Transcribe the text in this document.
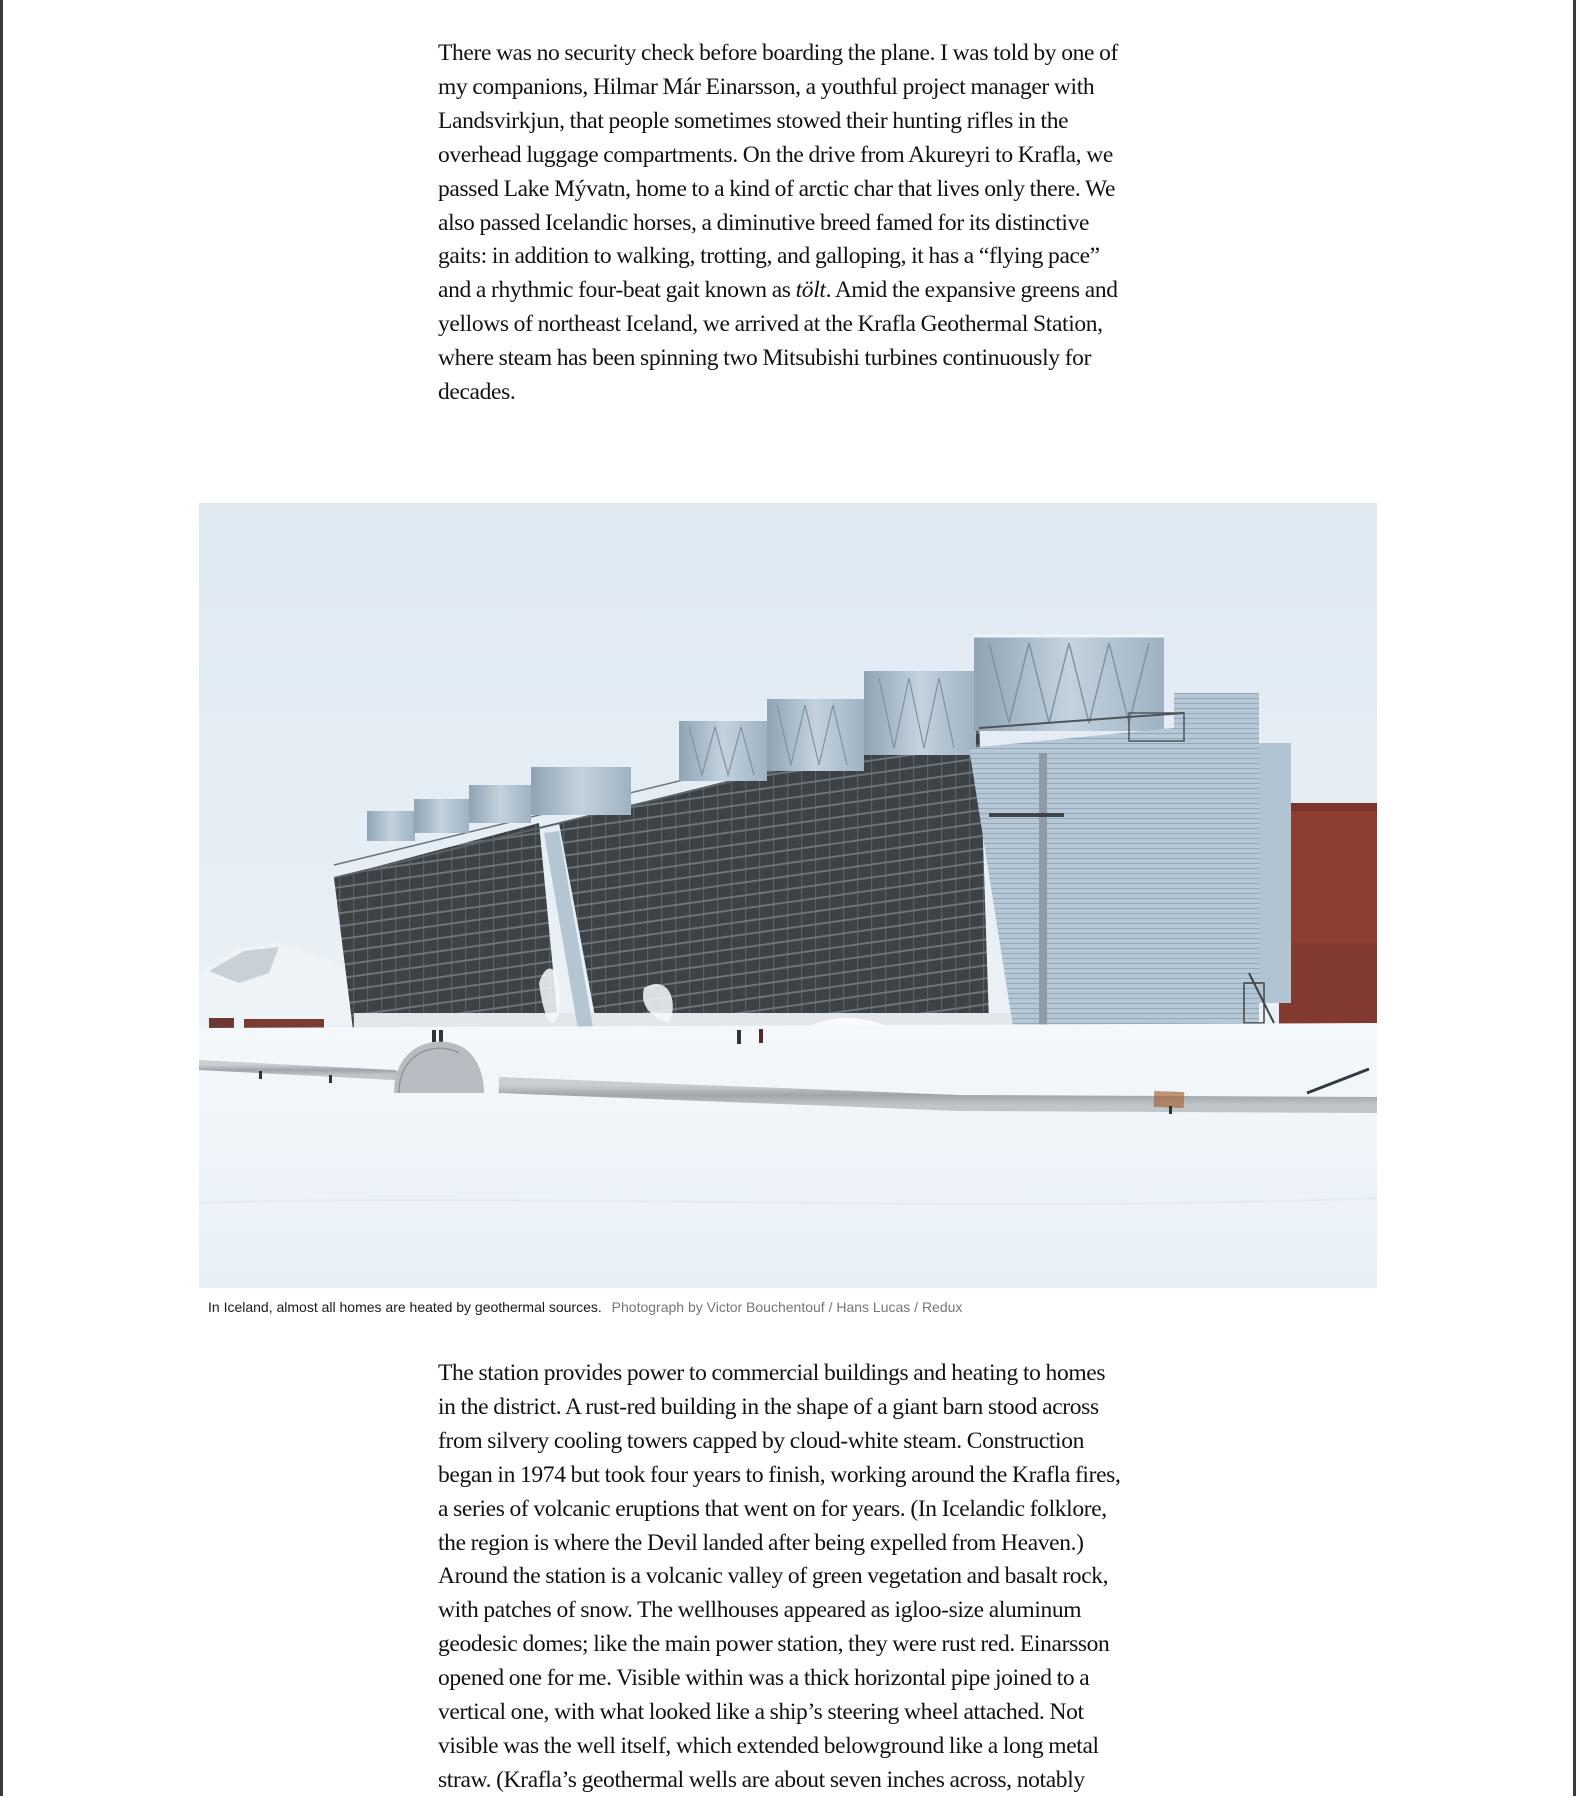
There was no security check before boarding the plane. I was told by one of
my companions, Hilmar Már Einarsson, a youthful project manager with
Landsvirkjun, that people sometimes stowed their hunting rifles in the
overhead luggage compartments. On the drive from Akureyri to Krafla, we
passed Lake Mývatn, home to a kind of arctic char that lives only there. We
also passed Icelandic horses, a diminutive breed famed for its distinctive
gaits: in addition to walking, trotting, and galloping, it has a “flying pace”
and a rhythmic four-beat gait known as tölt. Amid the expansive greens and
yellows of northeast Iceland, we arrived at the Krafla Geothermal Station,
where steam has been spinning two Mitsubishi turbines continuously for
decades.
In Iceland, almost all homes are heated by geothermal sources. Photograph by Victor Bouchentouf / Hans Lucas / Redux
The station provides power to commercial buildings and heating to homes
in the district. A rust-red building in the shape of a giant barn stood across
from silvery cooling towers capped by cloud-white steam. Construction
began in 1974 but took four years to finish, working around the Krafla fires,
a series of volcanic eruptions that went on for years. (In Icelandic folklore,
the region is where the Devil landed after being expelled from Heaven.)
Around the station is a volcanic valley of green vegetation and basalt rock,
with patches of snow. The wellhouses appeared as igloo-size aluminum
geodesic domes; like the main power station, they were rust red. Einarsson
opened one for me. Visible within was a thick horizontal pipe joined to a
vertical one, with what looked like a ship’s steering wheel attached. Not
visible was the well itself, which extended belowground like a long metal
straw. (Krafla’s geothermal wells are about seven inches across, notably
